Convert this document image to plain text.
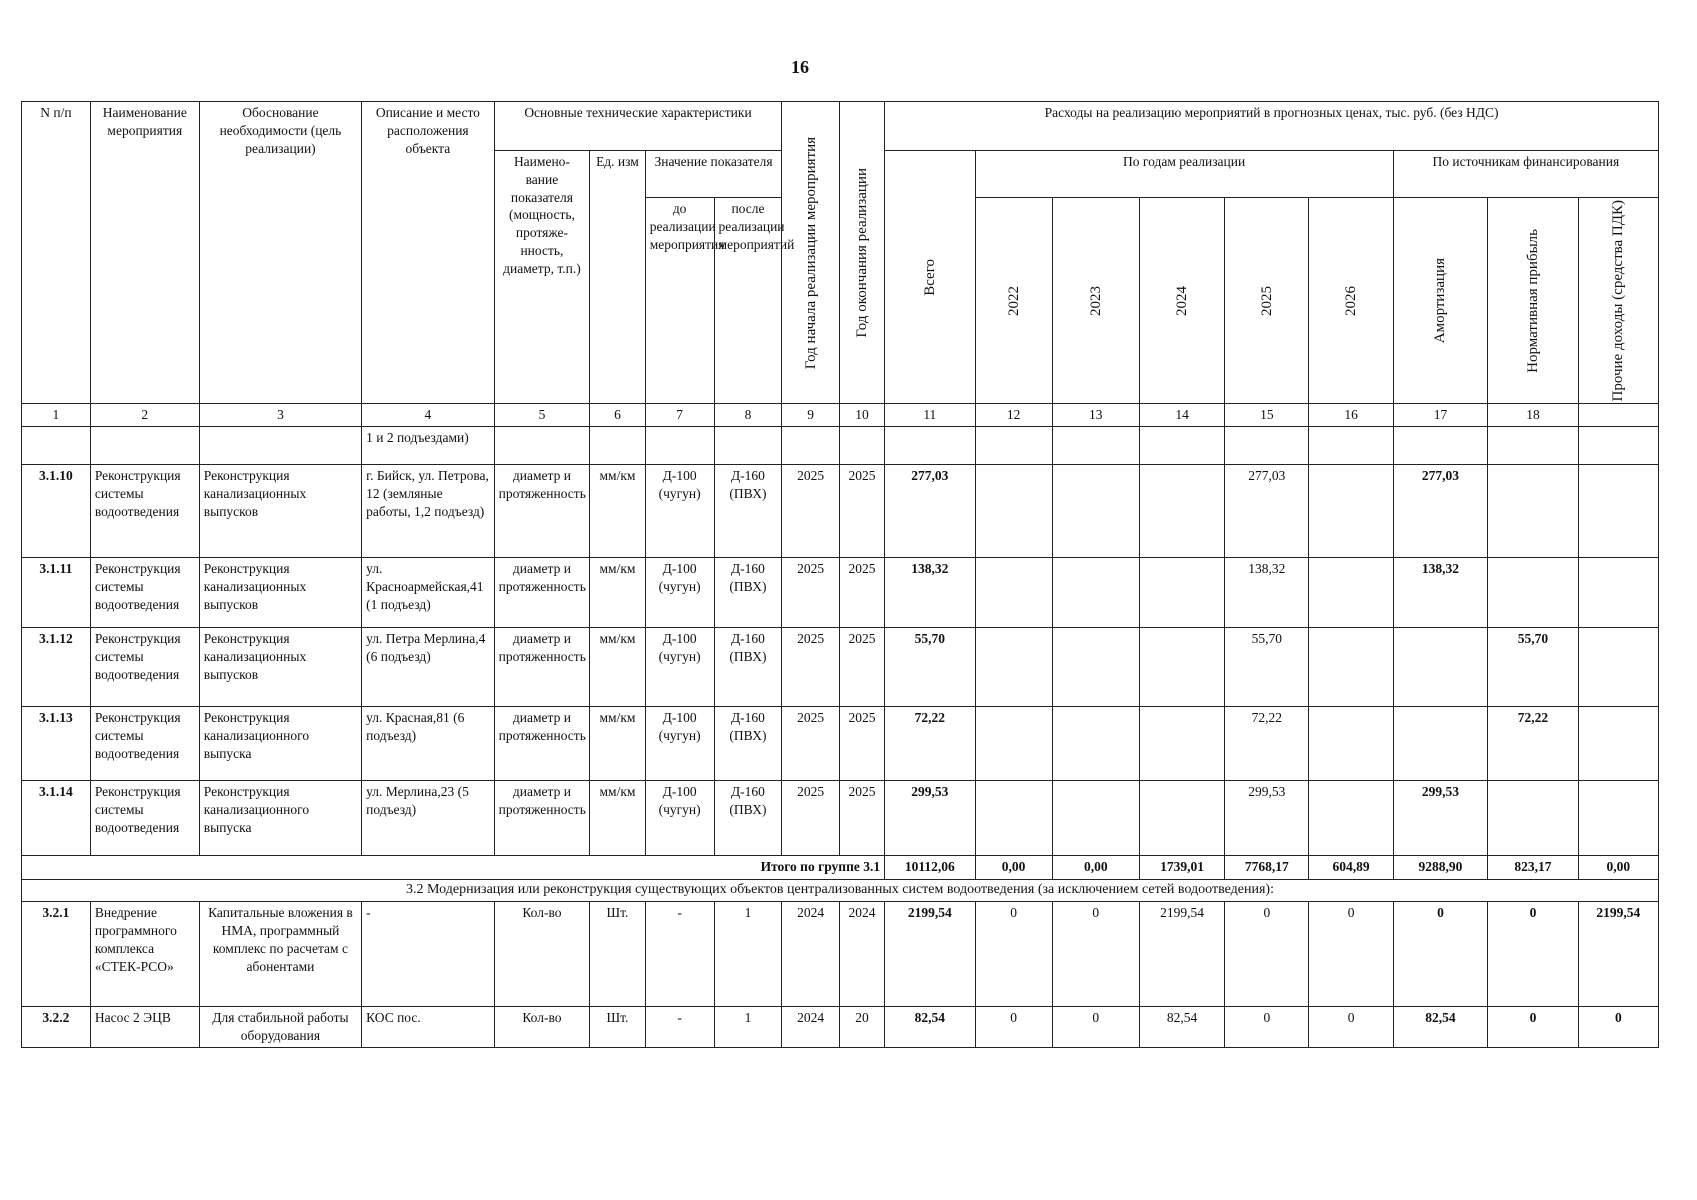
16
N п/п	Наименование мероприятия	Обоснование необходимости (цель реализации)	Описание и место расположения объекта	Основные технические характеристики				Год начала реализации мероприятия	Год окончания реализации	Расходы на реализацию мероприятий в прогнозных ценах, тыс. руб. (без НДС)								
				Наимено-вание показателя (мощность, протяже-нность, диаметр, т.п.)	Ед. изм	Значение показателя				Всего	По годам реализации					По источникам финансирования		
						до реализации мероприятия	после реализации мероприятий				2022	2023	2024	2025	2026	Амортизация	Нормативная прибыль	Прочие доходы (средства ПДК)

1	2	3	4	5	6	7	8	9	10	11	12	13	14	15	16	17	18	
			1 и 2 подъездами)															
3.1.10	Реконструкция системы водоотведения	Реконструкция канализационных выпусков	г. Бийск, ул. Петрова, 12 (земляные работы, 1,2 подъезд)	диаметр и протяженность	мм/км	Д-100 (чугун)	Д-160 (ПВХ)	2025	2025	277,03				277,03		277,03		
3.1.11	Реконструкция системы водоотведения	Реконструкция канализационных выпусков	ул. Красноармейская,41 (1 подъезд)	диаметр и протяженность	мм/км	Д-100 (чугун)	Д-160 (ПВХ)	2025	2025	138,32				138,32		138,32		
3.1.12	Реконструкция системы водоотведения	Реконструкция канализационных выпусков	ул. Петра Мерлина,4 (6 подъезд)	диаметр и протяженность	мм/км	Д-100 (чугун)	Д-160 (ПВХ)	2025	2025	55,70				55,70			55,70	
3.1.13	Реконструкция системы водоотведения	Реконструкция канализационного выпуска	ул. Красная,81 (6 подъезд)	диаметр и протяженность	мм/км	Д-100 (чугун)	Д-160 (ПВХ)	2025	2025	72,22				72,22			72,22	
3.1.14	Реконструкция системы водоотведения	Реконструкция канализационного выпуска	ул. Мерлина,23 (5 подъезд)	диаметр и протяженность	мм/км	Д-100 (чугун)	Д-160 (ПВХ)	2025	2025	299,53				299,53		299,53		
Итого по группе 3.1										10112,06	0,00	0,00	1739,01	7768,17	604,89	9288,90	823,17	0,00
3.2 Модернизация или реконструкция существующих объектов централизованных систем водоотведения (за исключением сетей водоотведения):																		
3.2.1	Внедрение программного комплекса «СТЕК-РСО»	Капитальные вложения в НМА, программный комплекс по расчетам с абонентами	-	Кол-во	Шт.	-	1	2024	2024	2199,54	0	0	2199,54	0	0	0	0	2199,54
3.2.2	Насос 2 ЭЦВ	Для стабильной работы оборудования	КОС пос.	Кол-во	Шт.	-	1	2024	20	82,54	0	0	82,54	0	0	82,54	0	0
